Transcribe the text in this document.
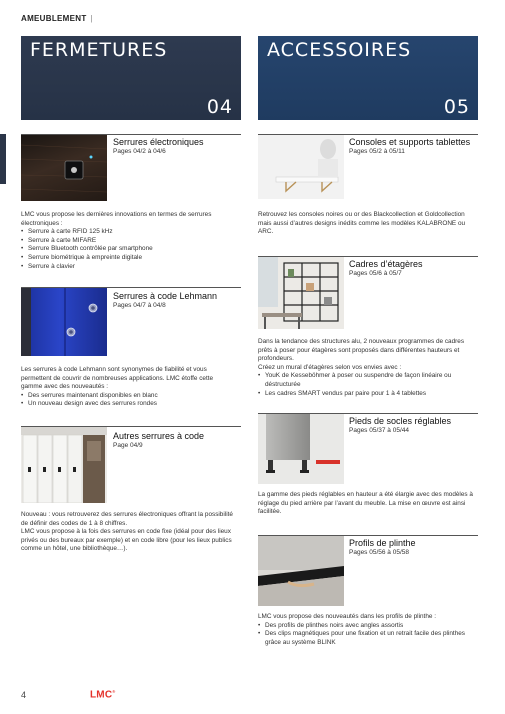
AMEUBLEMENT |
FERMETURES
04
ACCESSOIRES
05
Serrures électroniques
Pages 04/2 à 04/6
LMC vous propose les dernières innovations en termes de serrures
électroniques :
• Serrure à carte RFID 125 kHz
• Serrure à carte MIFARE
• Serrure Bluetooth contrôlée par smartphone
• Serrure biométrique à empreinte digitale
• Serrure à clavier
Serrures à code Lehmann
Pages 04/7 à 04/8
Les serrures à code Lehmann sont synonymes de fiabilité et vous
permettent de couvrir de nombreuses applications. LMC étoffe cette
gamme avec des nouveautés :
• Des serrures maintenant disponibles en blanc
• Un nouveau design avec des serrures rondes
Autres serrures à code
Page 04/9
Nouveau : vous retrouverez des serrures électroniques offrant la possibilité
de définir des codes de 1 à 8 chiffres.
LMC vous propose à la fois des serrures en code fixe (idéal pour des lieux
privés ou des bureaux par exemple) et en code libre (pour les lieux publics
comme un hôtel, une bibliothèque…).
Consoles et supports tablettes
Pages 05/2 à 05/11
Retrouvez les consoles noires ou or des Blackcollection et Goldcollection
mais aussi d’autres designs inédits comme les modèles KALABRONE ou
ARC.
Cadres d’étagères
Pages 05/6 à 05/7
Dans la tendance des structures alu, 2 nouveaux programmes de cadres
prêts à poser pour étagères sont proposés dans différentes hauteurs et
profondeurs.
Créez un mural d’étagères selon vos envies avec :
• YouK de Kesseböhmer à poser ou suspendre de façon linéaire ou
déstructurée
• Les cadres SMART vendus par paire pour 1 à 4 tablettes
Pieds de socles réglables
Pages 05/37 à 05/44
La gamme des pieds réglables en hauteur a été élargie avec des modèles à
réglage du pied arrière par l’avant du meuble. La mise en œuvre est ainsi
facilitée.
Profils de plinthe
Pages 05/56 à 05/58
LMC vous propose des nouveautés dans les profils de plinthe :
• Des profils de plinthes noirs avec angles assortis
• Des clips magnétiques pour une fixation et un retrait facile des plinthes
grâce au système BLINK
4	LMC®
